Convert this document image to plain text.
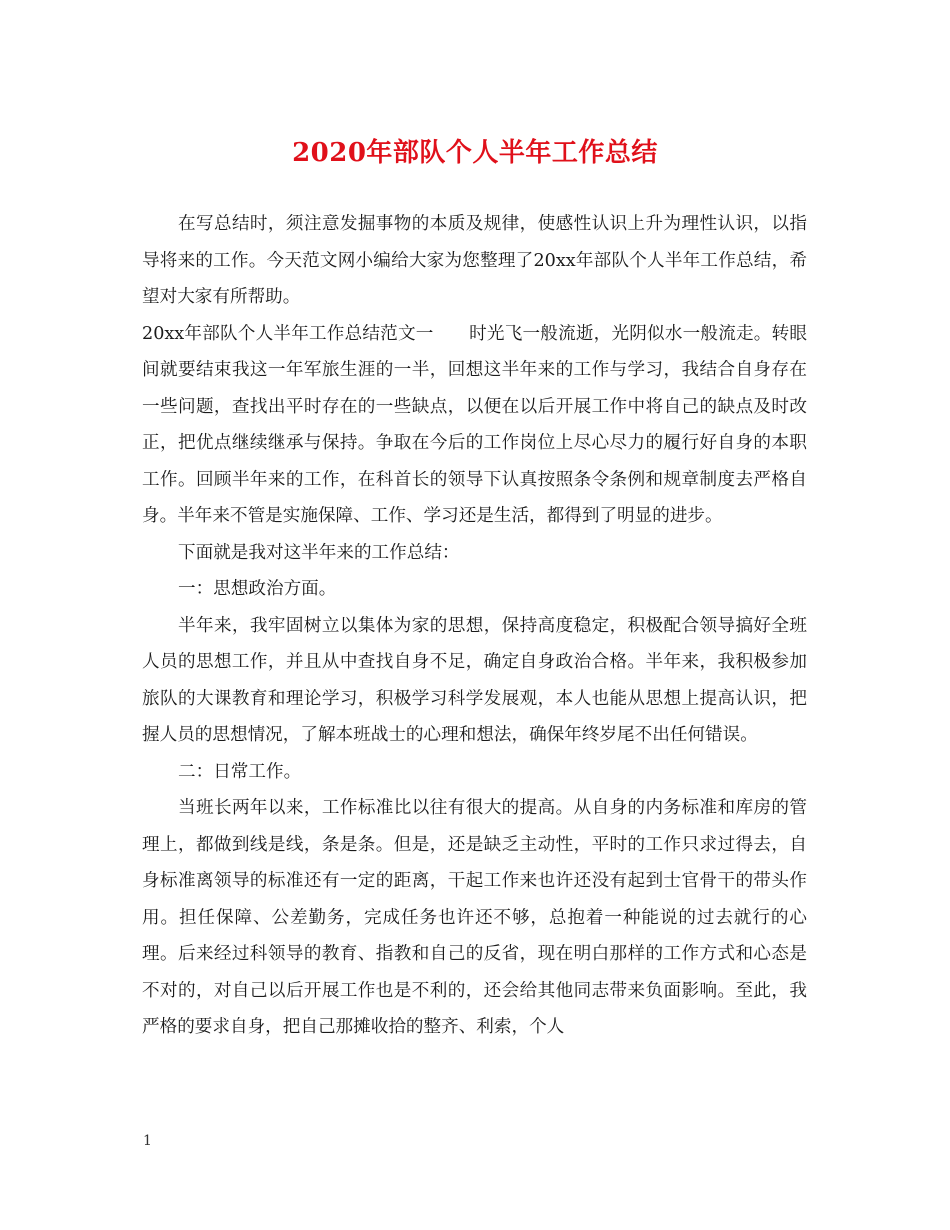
2020年部队个人半年工作总结

在写总结时，须注意发掘事物的本质及规律，使感性认识上升为理性认识，以指导将来的工作。今天范文网小编给大家为您整理了20xx年部队个人半年工作总结，希望对大家有所帮助。

20xx年部队个人半年工作总结范文一　　时光飞一般流逝，光阴似水一般流走。转眼间就要结束我这一年军旅生涯的一半，回想这半年来的工作与学习，我结合自身存在一些问题，查找出平时存在的一些缺点，以便在以后开展工作中将自己的缺点及时改正，把优点继续继承与保持。争取在今后的工作岗位上尽心尽力的履行好自身的本职工作。回顾半年来的工作，在科首长的领导下认真按照条令条例和规章制度去严格自身。半年来不管是实施保障、工作、学习还是生活，都得到了明显的进步。

下面就是我对这半年来的工作总结：

一：思想政治方面。

半年来，我牢固树立以集体为家的思想，保持高度稳定，积极配合领导搞好全班人员的思想工作，并且从中查找自身不足，确定自身政治合格。半年来，我积极参加旅队的大课教育和理论学习，积极学习科学发展观，本人也能从思想上提高认识，把握人员的思想情况，了解本班战士的心理和想法，确保年终岁尾不出任何错误。

二：日常工作。

当班长两年以来，工作标准比以往有很大的提高。从自身的内务标准和库房的管理上，都做到线是线，条是条。但是，还是缺乏主动性，平时的工作只求过得去，自身标准离领导的标准还有一定的距离，干起工作来也许还没有起到士官骨干的带头作用。担任保障、公差勤务，完成任务也许还不够，总抱着一种能说的过去就行的心理。后来经过科领导的教育、指教和自己的反省，现在明白那样的工作方式和心态是不对的，对自己以后开展工作也是不利的，还会给其他同志带来负面影响。至此，我严格的要求自身，把自己那摊收拾的整齐、利索，个人

1
